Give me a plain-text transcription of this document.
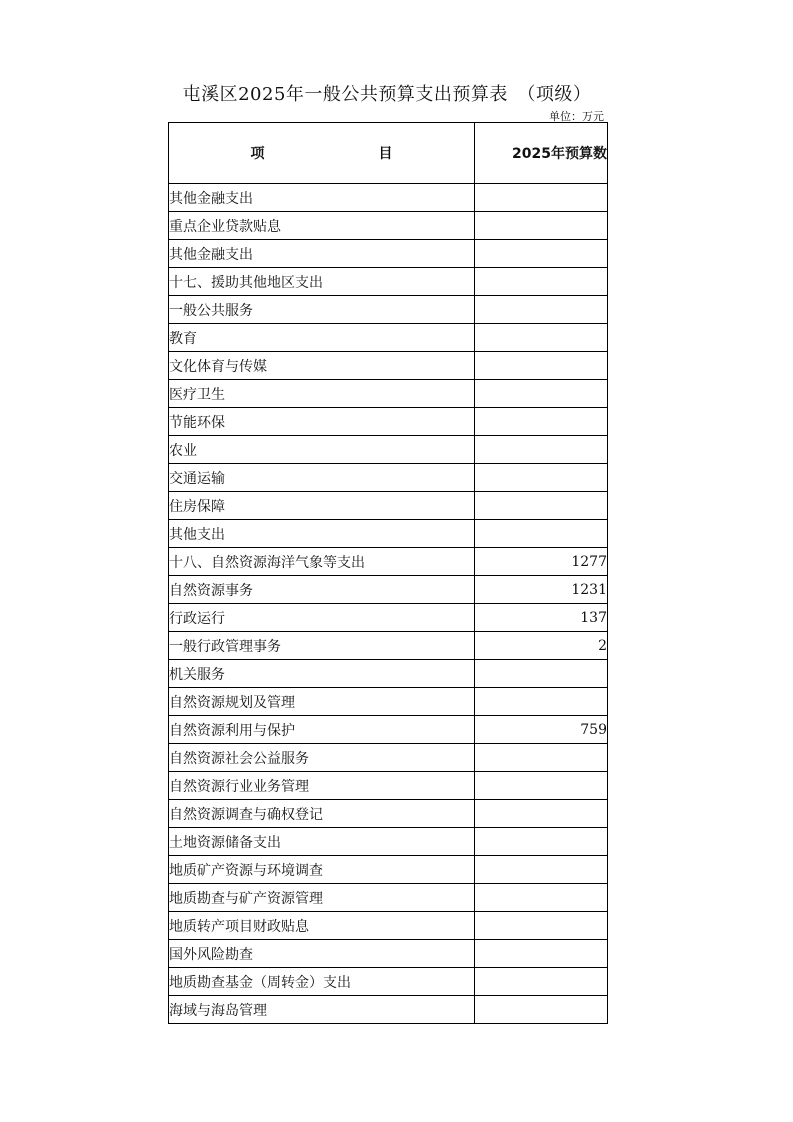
屯溪区2025年一般公共预算支出预算表　（项级）
单位：万元
项　目	2025年预算数
其他金融支出	
重点企业贷款贴息	
其他金融支出	
十七、援助其他地区支出	
一般公共服务	
教育	
文化体育与传媒	
医疗卫生	
节能环保	
农业	
交通运输	
住房保障	
其他支出	
十八、自然资源海洋气象等支出	1277
自然资源事务	1231
行政运行	137
一般行政管理事务	2
机关服务	
自然资源规划及管理	
自然资源利用与保护	759
自然资源社会公益服务	
自然资源行业业务管理	
自然资源调查与确权登记	
土地资源储备支出	
地质矿产资源与环境调查	
地质勘查与矿产资源管理	
地质转产项目财政贴息	
国外风险勘查	
地质勘查基金（周转金）支出	
海域与海岛管理	
